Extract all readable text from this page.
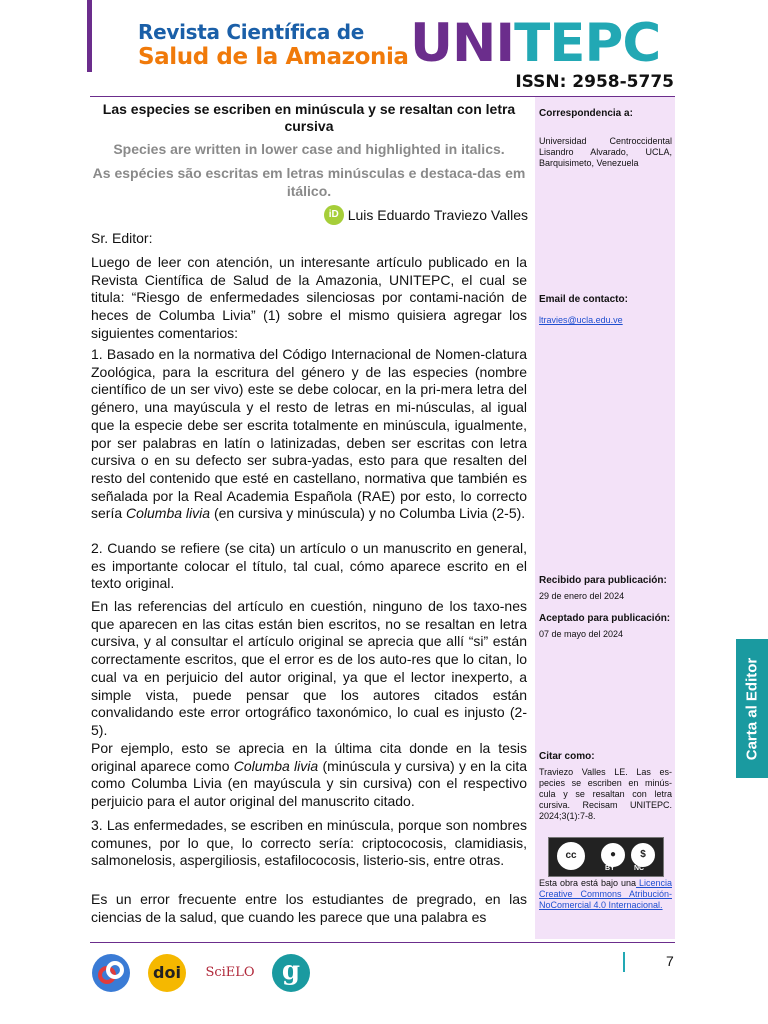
Revista Científica de
Salud de la Amazonia UNITEPC
ISSN: 2958-5775
Correspondencia a:
Universidad Centroccidental Lisandro Alvarado, UCLA, Barquisimeto, Venezuela
Email de contacto:
ltravies@ucla.edu.ve
Recibido para publicación:
29 de enero del 2024
Aceptado para publicación:
07 de mayo del 2024
Citar como:
Traviezo Valles LE. Las es-pecies se escriben en minús-cula y se resaltan con letra cursiva. Recisam UNITEPC. 2024;3(1):7-8.
cc	●	$
BY	NC
Esta obra está bajo una Licencia Creative Commons Atribución-NoComercial 4.0 Internacional.
Las especies se escriben en minúscula y se resaltan con letra cursiva
Species are written in lower case and highlighted in italics.
As espécies são escritas em letras minúsculas e destaca-das em itálico.
iD Luis Eduardo Traviezo Valles
Sr. Editor:
Luego de leer con atención, un interesante artículo publicado en la Revista Científica de Salud de la Amazonia, UNITEPC, el cual se titula: “Riesgo de enfermedades silenciosas por contami-nación de heces de Columba Livia” (1) sobre el mismo quisiera agregar los siguientes comentarios:
1. Basado en la normativa del Código Internacional de Nomen-clatura Zoológica, para la escritura del género y de las especies (nombre científico de un ser vivo) este se debe colocar, en la pri-mera letra del género, una mayúscula y el resto de letras en mi-núsculas, al igual que la especie debe ser escrita totalmente en minúscula, igualmente, por ser palabras en latín o latinizadas, deben ser escritas con letra cursiva o en su defecto ser subra-yadas, esto para que resalten del resto del contenido que esté en castellano, normativa que también es señalada por la Real Academia Española (RAE) por esto, lo correcto sería Columba livia (en cursiva y minúscula) y no Columba Livia (2-5).
2. Cuando se refiere (se cita) un artículo o un manuscrito en general, es importante colocar el título, tal cual, cómo aparece escrito en el texto original.
En las referencias del artículo en cuestión, ninguno de los taxo-nes que aparecen en las citas están bien escritos, no se resaltan en letra cursiva, y al consultar el artículo original se aprecia que allí “si” están correctamente escritos, que el error es de los auto-res que lo citan, lo cual va en perjuicio del autor original, ya que el lector inexperto, a simple vista, puede pensar que los autores citados están convalidando este error ortográfico taxonómico, lo cual es injusto (2-5).
Por ejemplo, esto se aprecia en la última cita donde en la tesis original aparece como Columba livia (minúscula y cursiva) y en la cita como Columba Livia (en mayúscula y sin cursiva) con el respectivo perjuicio para el autor original del manuscrito citado.
3. Las enfermedades, se escriben en minúscula, porque son nombres comunes, por lo que, lo correcto sería: criptococosis, clamidiasis, salmonelosis, aspergiliosis, estafilococosis, listerio-sis, entre otras.
Es un error frecuente entre los estudiantes de pregrado, en las ciencias de la salud, que cuando les parece que una palabra es
Carta al Editor
doi	SciELO	g	7
